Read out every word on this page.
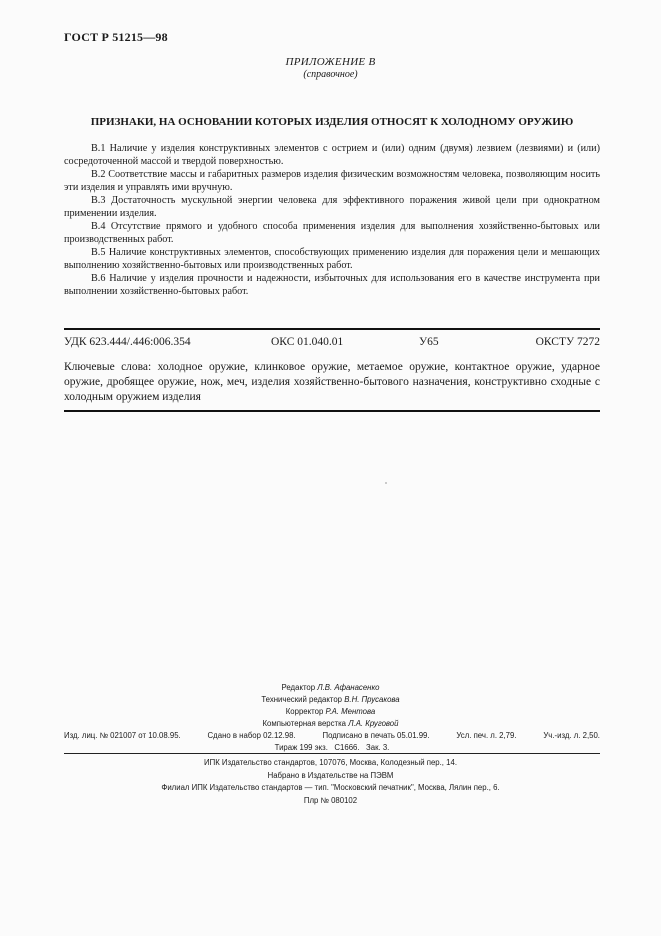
ГОСТ Р 51215—98
ПРИЛОЖЕНИЕ В
(справочное)
ПРИЗНАКИ, НА ОСНОВАНИИ КОТОРЫХ ИЗДЕЛИЯ ОТНОСЯТ К ХОЛОДНОМУ ОРУЖИЮ

В.1 Наличие у изделия конструктивных элементов с острием и (или) одним (двумя) лезвием (лезвиями) и (или) сосредоточенной массой и твердой поверхностью.

В.2 Соответствие массы и габаритных размеров изделия физическим возможностям человека, позволяющим носить эти изделия и управлять ими вручную.

В.3 Достаточность мускульной энергии человека для эффективного поражения живой цели при однократном применении изделия.

В.4 Отсутствие прямого и удобного способа применения изделия для выполнения хозяйственно-бытовых или производственных работ.

В.5 Наличие конструктивных элементов, способствующих применению изделия для поражения цели и мешающих выполнению хозяйственно-бытовых или производственных работ.

В.6 Наличие у изделия прочности и надежности, избыточных для использования его в качестве инструмента при выполнении хозяйственно-бытовых работ.

УДК 623.444/.446:006.354	ОКС 01.040.01	У65	ОКСТУ 7272
Ключевые слова: холодное оружие, клинковое оружие, метаемое оружие, контактное оружие, ударное оружие, дробящее оружие, нож, меч, изделия хозяйственно-бытового назначения, конструктивно сходные с холодным оружием изделия
Редактор Л.В. Афанасенко
Технический редактор В.Н. Прусакова
Корректор Р.А. Ментова
Компьютерная верстка Л.А. Круговой
Изд. лиц. № 021007 от 10.08.95.	Сдано в набор 02.12.98.	Подписано в печать 05.01.99.	Усл. печ. л. 2,79.	Уч.-изд. л. 2,50.
Тираж 199 экз. С1666. Зак. 3.
ИПК Издательство стандартов, 107076, Москва, Колодезный пер., 14.
Набрано в Издательстве на ПЭВМ
Филиал ИПК Издательство стандартов — тип. "Московский печатник", Москва, Лялин пер., 6.
Плр № 080102
